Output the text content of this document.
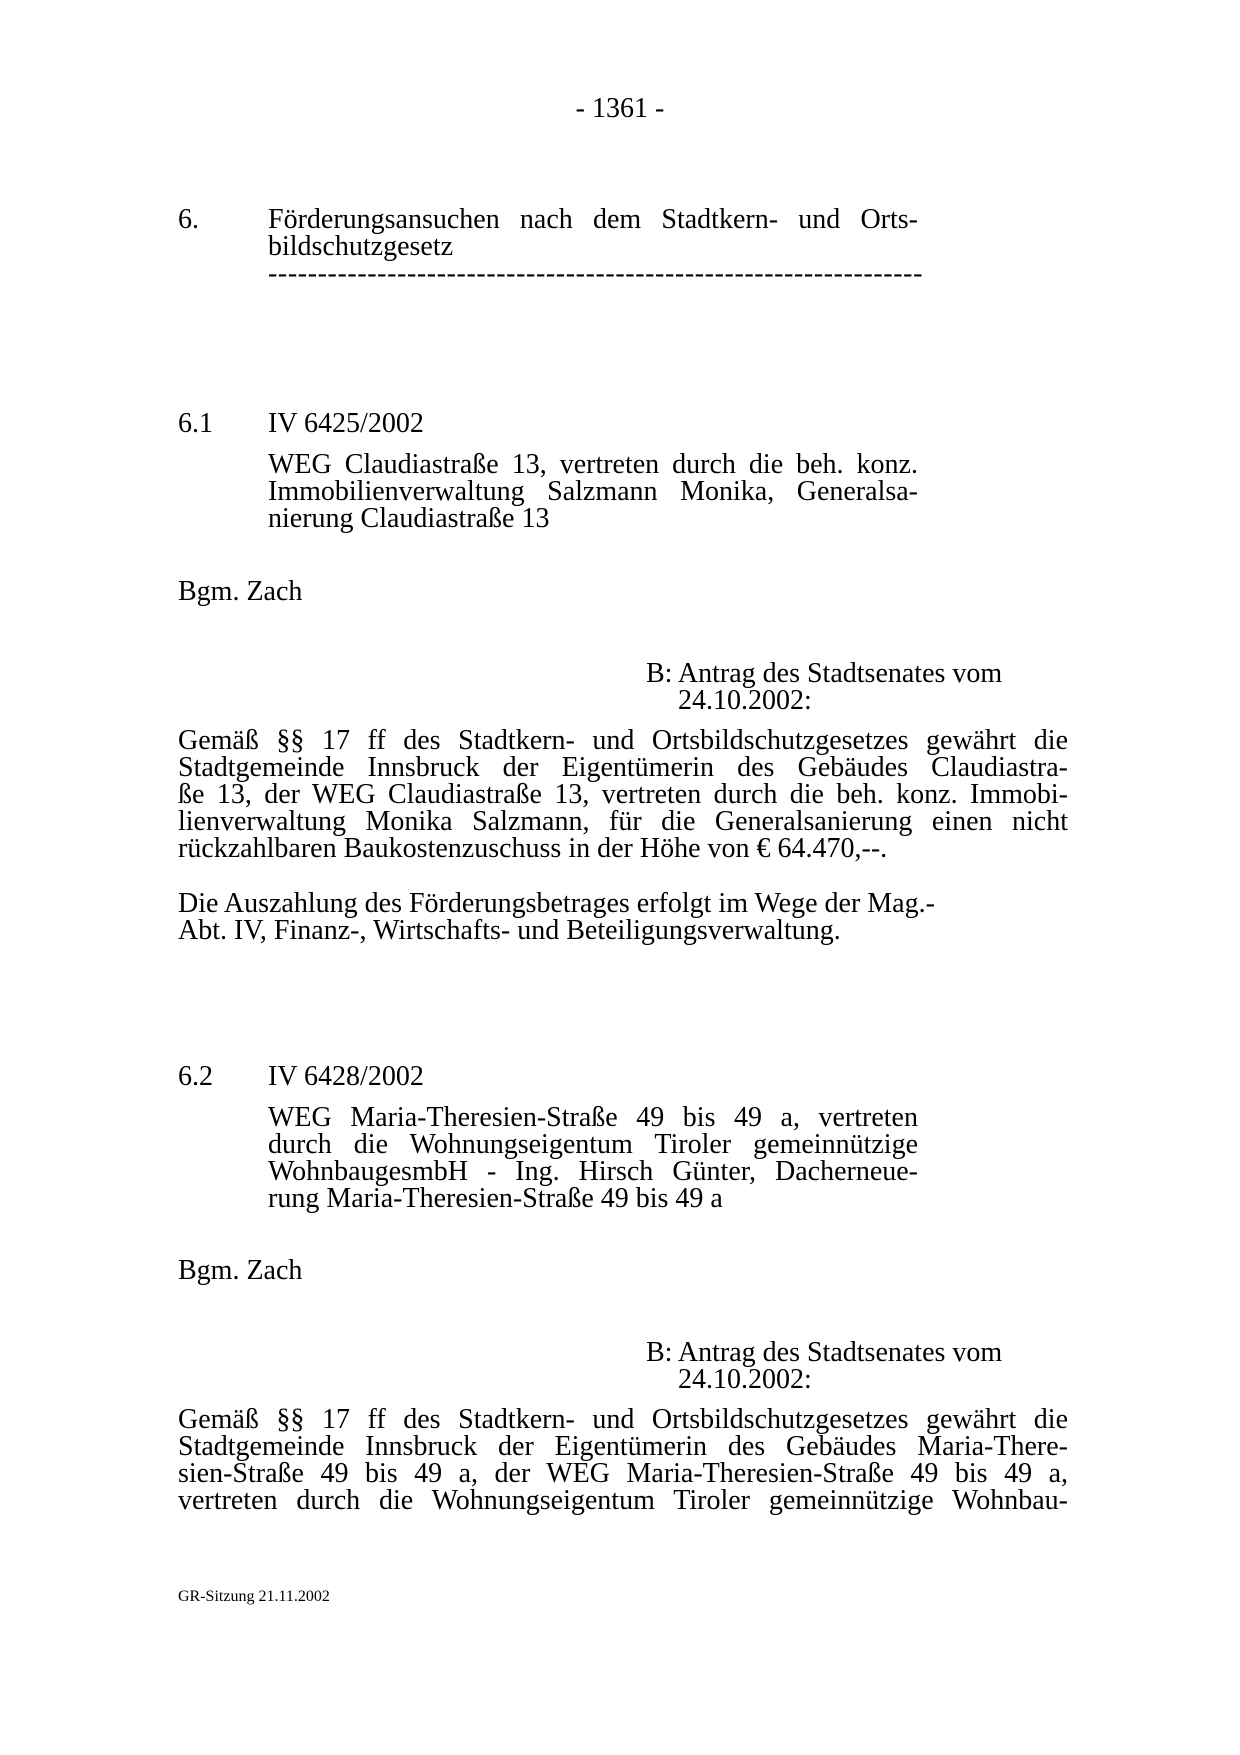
- 1361 -
6. Förderungsansuchen nach dem Stadtkern- und Orts-
bildschutzgesetz
------------------------------------------------------------------
6.1 IV 6425/2002
WEG Claudiastraße 13, vertreten durch die beh. konz.
Immobilienverwaltung Salzmann Monika, Generalsa-
nierung Claudiastraße 13
Bgm. Zach
B: Antrag des Stadtsenates vom
24.10.2002:
Gemäß §§ 17 ff des Stadtkern- und Ortsbildschutzgesetzes gewährt die
Stadtgemeinde Innsbruck der Eigentümerin des Gebäudes Claudiastra-
ße 13, der WEG Claudiastraße 13, vertreten durch die beh. konz. Immobi-
lienverwaltung Monika Salzmann, für die Generalsanierung einen nicht
rückzahlbaren Baukostenzuschuss in der Höhe von € 64.470,--.
Die Auszahlung des Förderungsbetrages erfolgt im Wege der Mag.-
Abt. IV, Finanz-, Wirtschafts- und Beteiligungsverwaltung.
6.2 IV 6428/2002
WEG Maria-Theresien-Straße 49 bis 49 a, vertreten
durch die Wohnungseigentum Tiroler gemeinnützige
WohnbaugesmbH - Ing. Hirsch Günter, Dacherneue-
rung Maria-Theresien-Straße 49 bis 49 a
Bgm. Zach
B: Antrag des Stadtsenates vom
24.10.2002:
Gemäß §§ 17 ff des Stadtkern- und Ortsbildschutzgesetzes gewährt die
Stadtgemeinde Innsbruck der Eigentümerin des Gebäudes Maria-There-
sien-Straße 49 bis 49 a, der WEG Maria-Theresien-Straße 49 bis 49 a,
vertreten durch die Wohnungseigentum Tiroler gemeinnützige Wohnbau-
GR-Sitzung 21.11.2002
